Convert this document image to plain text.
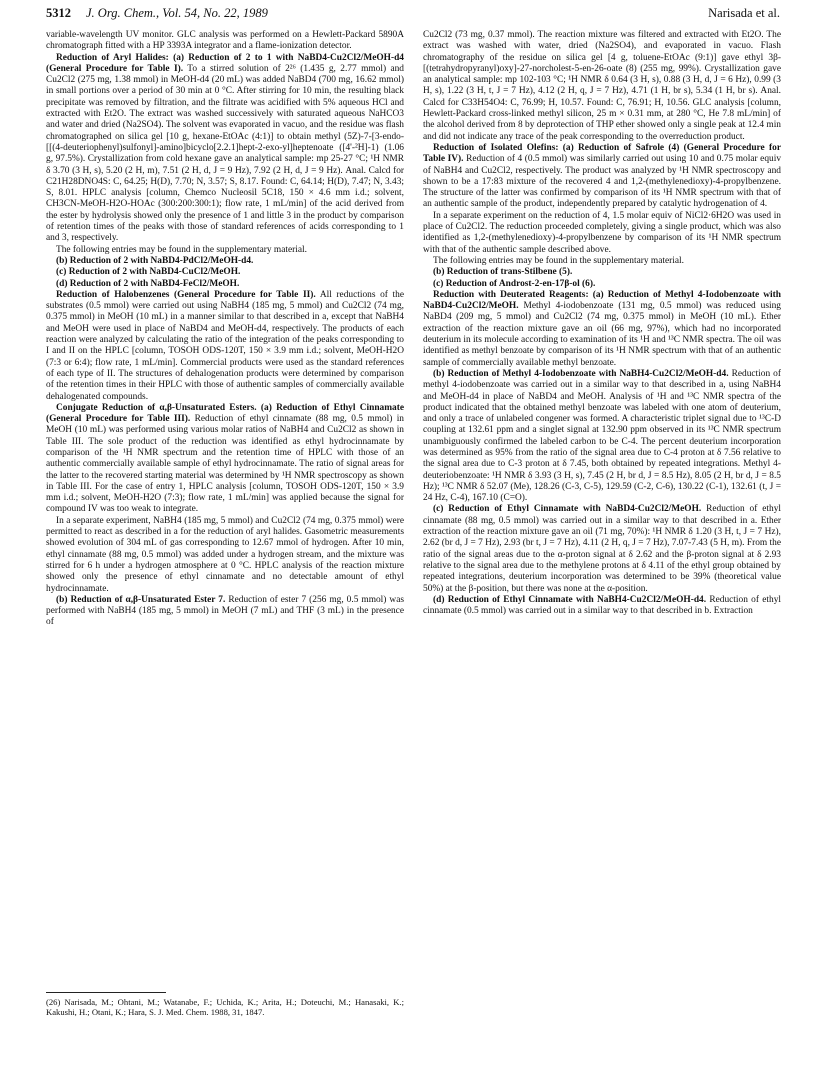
5312 J. Org. Chem., Vol. 54, No. 22, 1989	Narisada et al.

variable-wavelength UV monitor. GLC analysis was performed on a Hewlett-Packard 5890A chromatograph fitted with a HP 3393A integrator and a flame-ionization detector.

Reduction of Aryl Halides: (a) Reduction of 2 to 1 with NaBD4-Cu2Cl2/MeOH-d4 (General Procedure for Table I). To a stirred solution of 2²⁶ (1.435 g, 2.77 mmol) and Cu2Cl2 (275 mg, 1.38 mmol) in MeOH-d4 (20 mL) was added NaBD4 (700 mg, 16.62 mmol) in small portions over a period of 30 min at 0 °C. After stirring for 10 min, the resulting black precipitate was removed by filtration, and the filtrate was acidified with 5% aqueous HCl and extracted with Et2O. The extract was washed successively with saturated aqueous NaHCO3 and water and dried (Na2SO4). The solvent was evaporated in vacuo, and the residue was flash chromatographed on silica gel [10 g, hexane-EtOAc (4:1)] to obtain methyl (5Z)-7-[3-endo-[[(4-deuteriophenyl)sulfonyl]-amino]bicyclo[2.2.1]hept-2-exo-yl]heptenoate ([4'-²H]-1) (1.06 g, 97.5%). Crystallization from cold hexane gave an analytical sample: mp 25-27 °C; ¹H NMR δ 3.70 (3 H, s), 5.20 (2 H, m), 7.51 (2 H, d, J = 9 Hz), 7.92 (2 H, d, J = 9 Hz). Anal. Calcd for C21H28DNO4S: C, 64.25; H(D), 7.70; N, 3.57; S, 8.17. Found: C, 64.14; H(D), 7.47; N, 3.43; S, 8.01. HPLC analysis [column, Chemco Nucleosil 5C18, 150 × 4.6 mm i.d.; solvent, CH3CN-MeOH-H2O-HOAc (300:200:300:1); flow rate, 1 mL/min] of the acid derived from the ester by hydrolysis showed only the presence of 1 and little 3 in the product by comparison of retention times of the peaks with those of standard references of acids corresponding to 1 and 3, respectively.

The following entries may be found in the supplementary material.

(b) Reduction of 2 with NaBD4-PdCl2/MeOH-d4.

(c) Reduction of 2 with NaBD4-CuCl2/MeOH.

(d) Reduction of 2 with NaBD4-FeCl2/MeOH.

Reduction of Halobenzenes (General Procedure for Table II). All reductions of the substrates (0.5 mmol) were carried out using NaBH4 (185 mg, 5 mmol) and Cu2Cl2 (74 mg, 0.375 mmol) in MeOH (10 mL) in a manner similar to that described in a, except that NaBH4 and MeOH were used in place of NaBD4 and MeOH-d4, respectively. The products of each reaction were analyzed by calculating the ratio of the integration of the peaks corresponding to I and II on the HPLC [column, TOSOH ODS-120T, 150 × 3.9 mm i.d.; solvent, MeOH-H2O (7:3 or 6:4); flow rate, 1 mL/min]. Commercial products were used as the standard references of each type of II. The structures of dehalogenation products were determined by comparison of the retention times in their HPLC with those of authentic samples of commercially available dehalogenated compounds.

Conjugate Reduction of α,β-Unsaturated Esters. (a) Reduction of Ethyl Cinnamate (General Procedure for Table III). Reduction of ethyl cinnamate (88 mg, 0.5 mmol) in MeOH (10 mL) was performed using various molar ratios of NaBH4 and Cu2Cl2 as shown in Table III. The sole product of the reduction was identified as ethyl hydrocinnamate by comparison of the ¹H NMR spectrum and the retention time of HPLC with those of an authentic commercially available sample of ethyl hydrocinnamate. The ratio of signal areas for the latter to the recovered starting material was determined by ¹H NMR spectroscopy as shown in Table III. For the case of entry 1, HPLC analysis [column, TOSOH ODS-120T, 150 × 3.9 mm i.d.; solvent, MeOH-H2O (7:3); flow rate, 1 mL/min] was applied because the signal for compound IV was too weak to integrate.

In a separate experiment, NaBH4 (185 mg, 5 mmol) and Cu2Cl2 (74 mg, 0.375 mmol) were permitted to react as described in a for the reduction of aryl halides. Gasometric measurements showed evolution of 304 mL of gas corresponding to 12.67 mmol of hydrogen. After 10 min, ethyl cinnamate (88 mg, 0.5 mmol) was added under a hydrogen stream, and the mixture was stirred for 6 h under a hydrogen atmosphere at 0 °C. HPLC analysis of the reaction mixture showed only the presence of ethyl cinnamate and no detectable amount of ethyl hydrocinnamate.

(b) Reduction of α,β-Unsaturated Ester 7. Reduction of ester 7 (256 mg, 0.5 mmol) was performed with NaBH4 (185 mg, 5 mmol) in MeOH (7 mL) and THF (3 mL) in the presence of

Cu2Cl2 (73 mg, 0.37 mmol). The reaction mixture was filtered and extracted with Et2O. The extract was washed with water, dried (Na2SO4), and evaporated in vacuo. Flash chromatography of the residue on silica gel [4 g, toluene-EtOAc (9:1)] gave ethyl 3β-[(tetrahydropyranyl)oxy]-27-norcholest-5-en-26-oate (8) (255 mg, 99%). Crystallization gave an analytical sample: mp 102-103 °C; ¹H NMR δ 0.64 (3 H, s), 0.88 (3 H, d, J = 6 Hz), 0.99 (3 H, s), 1.22 (3 H, t, J = 7 Hz), 4.12 (2 H, q, J = 7 Hz), 4.71 (1 H, br s), 5.34 (1 H, br s). Anal. Calcd for C33H54O4: C, 76.99; H, 10.57. Found: C, 76.91; H, 10.56. GLC analysis [column, Hewlett-Packard cross-linked methyl silicon, 25 m × 0.31 mm, at 280 °C, He 7.8 mL/min] of the alcohol derived from 8 by deprotection of THP ether showed only a single peak at 12.4 min and did not indicate any trace of the peak corresponding to the overreduction product.

Reduction of Isolated Olefins: (a) Reduction of Safrole (4) (General Procedure for Table IV). Reduction of 4 (0.5 mmol) was similarly carried out using 10 and 0.75 molar equiv of NaBH4 and Cu2Cl2, respectively. The product was analyzed by ¹H NMR spectroscopy and shown to be a 17:83 mixture of the recovered 4 and 1,2-(methylenedioxy)-4-propylbenzene. The structure of the latter was confirmed by comparison of its ¹H NMR spectrum with that of an authentic sample of the product, independently prepared by catalytic hydrogenation of 4.

In a separate experiment on the reduction of 4, 1.5 molar equiv of NiCl2·6H2O was used in place of Cu2Cl2. The reduction proceeded completely, giving a single product, which was also identified as 1,2-(methylenedioxy)-4-propylbenzene by comparison of its ¹H NMR spectrum with that of the authentic sample described above.

The following entries may be found in the supplementary material.

(b) Reduction of trans-Stilbene (5).

(c) Reduction of Androst-2-en-17β-ol (6).

Reduction with Deuterated Reagents: (a) Reduction of Methyl 4-Iodobenzoate with NaBD4-Cu2Cl2/MeOH. Methyl 4-iodobenzoate (131 mg, 0.5 mmol) was reduced using NaBD4 (209 mg, 5 mmol) and Cu2Cl2 (74 mg, 0.375 mmol) in MeOH (10 mL). Ether extraction of the reaction mixture gave an oil (66 mg, 97%), which had no incorporated deuterium in its molecule according to examination of its ¹H and ¹³C NMR spectra. The oil was identified as methyl benzoate by comparison of its ¹H NMR spectrum with that of an authentic sample of commercially available methyl benzoate.

(b) Reduction of Methyl 4-Iodobenzoate with NaBH4-Cu2Cl2/MeOH-d4. Reduction of methyl 4-iodobenzoate was carried out in a similar way to that described in a, using NaBH4 and MeOH-d4 in place of NaBD4 and MeOH. Analysis of ¹H and ¹³C NMR spectra of the product indicated that the obtained methyl benzoate was labeled with one atom of deuterium, and only a trace of unlabeled congener was formed. A characteristic triplet signal due to ¹³C-D coupling at 132.61 ppm and a singlet signal at 132.90 ppm observed in its ¹³C NMR spectrum unambiguously confirmed the labeled carbon to be C-4. The percent deuterium incorporation was determined as 95% from the ratio of the signal area due to C-4 proton at δ 7.56 relative to the signal area due to C-3 proton at δ 7.45, both obtained by repeated integrations. Methyl 4-deuteriobenzoate: ¹H NMR δ 3.93 (3 H, s), 7.45 (2 H, br d, J = 8.5 Hz), 8.05 (2 H, br d, J = 8.5 Hz); ¹³C NMR δ 52.07 (Me), 128.26 (C-3, C-5), 129.59 (C-2, C-6), 130.22 (C-1), 132.61 (t, J = 24 Hz, C-4), 167.10 (C=O).

(c) Reduction of Ethyl Cinnamate with NaBD4-Cu2Cl2/MeOH. Reduction of ethyl cinnamate (88 mg, 0.5 mmol) was carried out in a similar way to that described in a. Ether extraction of the reaction mixture gave an oil (71 mg, 70%): ¹H NMR δ 1.20 (3 H, t, J = 7 Hz), 2.62 (br d, J = 7 Hz), 2.93 (br t, J = 7 Hz), 4.11 (2 H, q, J = 7 Hz), 7.07-7.43 (5 H, m). From the ratio of the signal areas due to the α-proton signal at δ 2.62 and the β-proton signal at δ 2.93 relative to the signal area due to the methylene protons at δ 4.11 of the ethyl group obtained by repeated integrations, deuterium incorporation was determined to be 39% (theoretical value 50%) at the β-position, but there was none at the α-position.

(d) Reduction of Ethyl Cinnamate with NaBH4-Cu2Cl2/MeOH-d4. Reduction of ethyl cinnamate (0.5 mmol) was carried out in a similar way to that described in b. Extraction

(26) Narisada, M.; Ohtani, M.; Watanabe, F.; Uchida, K.; Arita, H.; Doteuchi, M.; Hanasaki, K.; Kakushi, H.; Otani, K.; Hara, S. J. Med. Chem. 1988, 31, 1847.
